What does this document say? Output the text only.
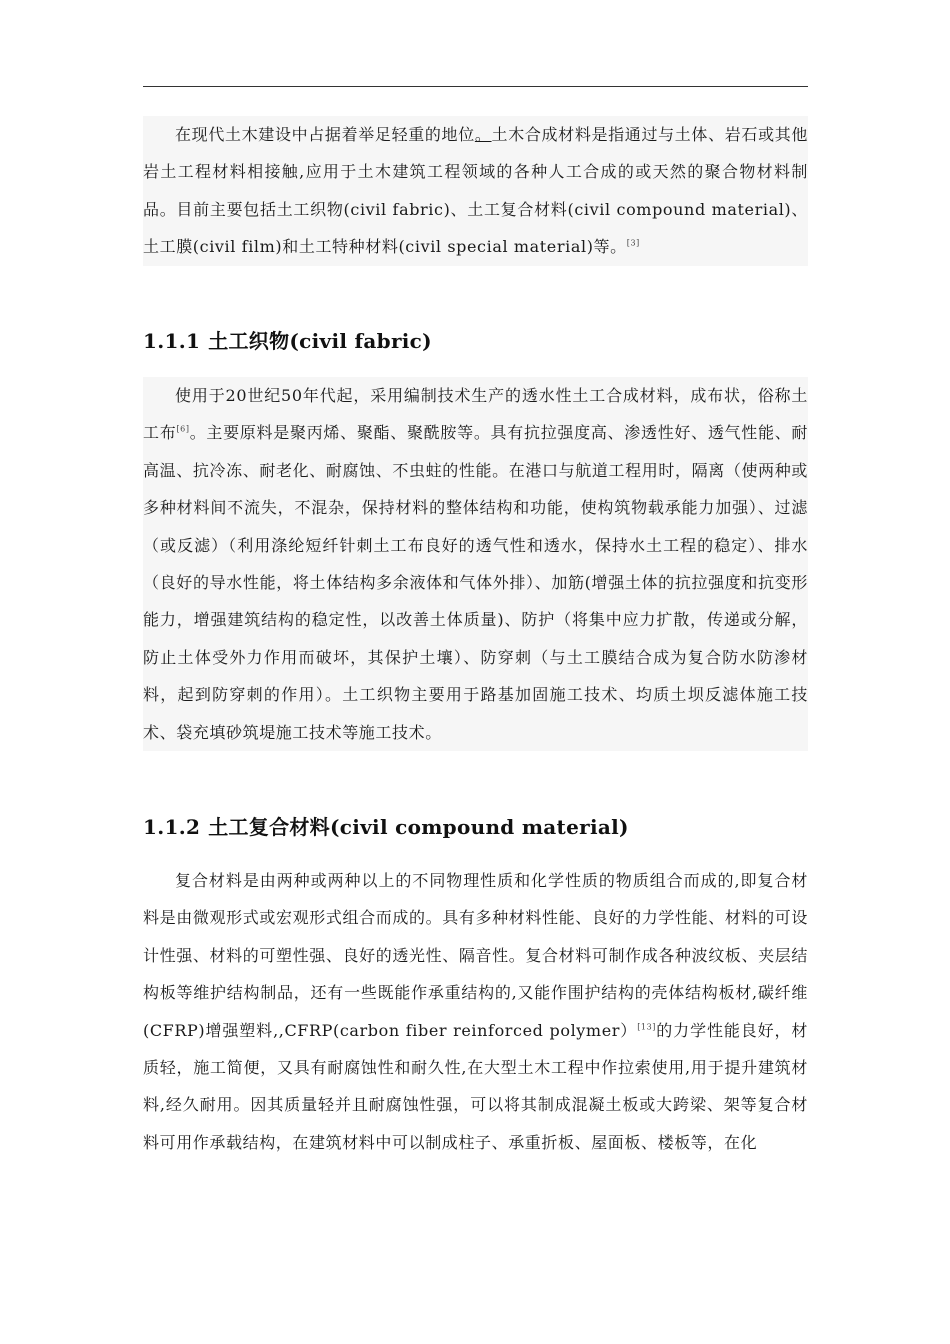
在现代土木建设中占据着举足轻重的地位。土木合成材料是指通过与土体、岩石或其他岩土工程材料相接触,应用于土木建筑工程领域的各种人工合成的或天然的聚合物材料制品。目前主要包括土工织物(civil fabric)、土工复合材料(civil compound material)、 土工膜(civil film)和土工特种材料(civil special material)等。[3]

1.1.1 土工织物(civil fabric)

使用于20世纪50年代起，采用编制技术生产的透水性土工合成材料，成布状，俗称土工布[6]。主要原料是聚丙烯、聚酯、聚酰胺等。具有抗拉强度高、渗透性好、透气性能、耐高温、抗冷冻、耐老化、耐腐蚀、不虫蛀的性能。在港口与航道工程用时，隔离（使两种或多种材料间不流失，不混杂，保持材料的整体结构和功能，使构筑物载承能力加强）、过滤（或反滤）（利用涤纶短纤针刺土工布良好的透气性和透水，保持水土工程的稳定）、排水（良好的导水性能，将土体结构多余液体和气体外排）、加筋(增强土体的抗拉强度和抗变形能力，增强建筑结构的稳定性，以改善土体质量)、防护（将集中应力扩散，传递或分解，防止土体受外力作用而破坏，其保护土壤）、防穿刺（与土工膜结合成为复合防水防渗材料，起到防穿刺的作用）。土工织物主要用于路基加固施工技术、均质土坝反滤体施工技术、袋充填砂筑堤施工技术等施工技术。

1.1.2 土工复合材料(civil compound material)

复合材料是由两种或两种以上的不同物理性质和化学性质的物质组合而成的,即复合材料是由微观形式或宏观形式组合而成的。具有多种材料性能、良好的力学性能、材料的可设计性强、材料的可塑性强、良好的透光性、隔音性。复合材料可制作成各种波纹板、夹层结构板等维护结构制品，还有一些既能作承重结构的,又能作围护结构的壳体结构板材,碳纤维(CFRP)增强塑料,,CFRP(carbon fiber reinforced polymer）[13]的力学性能良好，材质轻，施工简便，又具有耐腐蚀性和耐久性,在大型土木工程中作拉索使用,用于提升建筑材料,经久耐用。因其质量轻并且耐腐蚀性强，可以将其制成混凝土板或大跨梁、架等复合材料可用作承载结构，在建筑材料中可以制成柱子、承重折板、屋面板、楼板等，在化
